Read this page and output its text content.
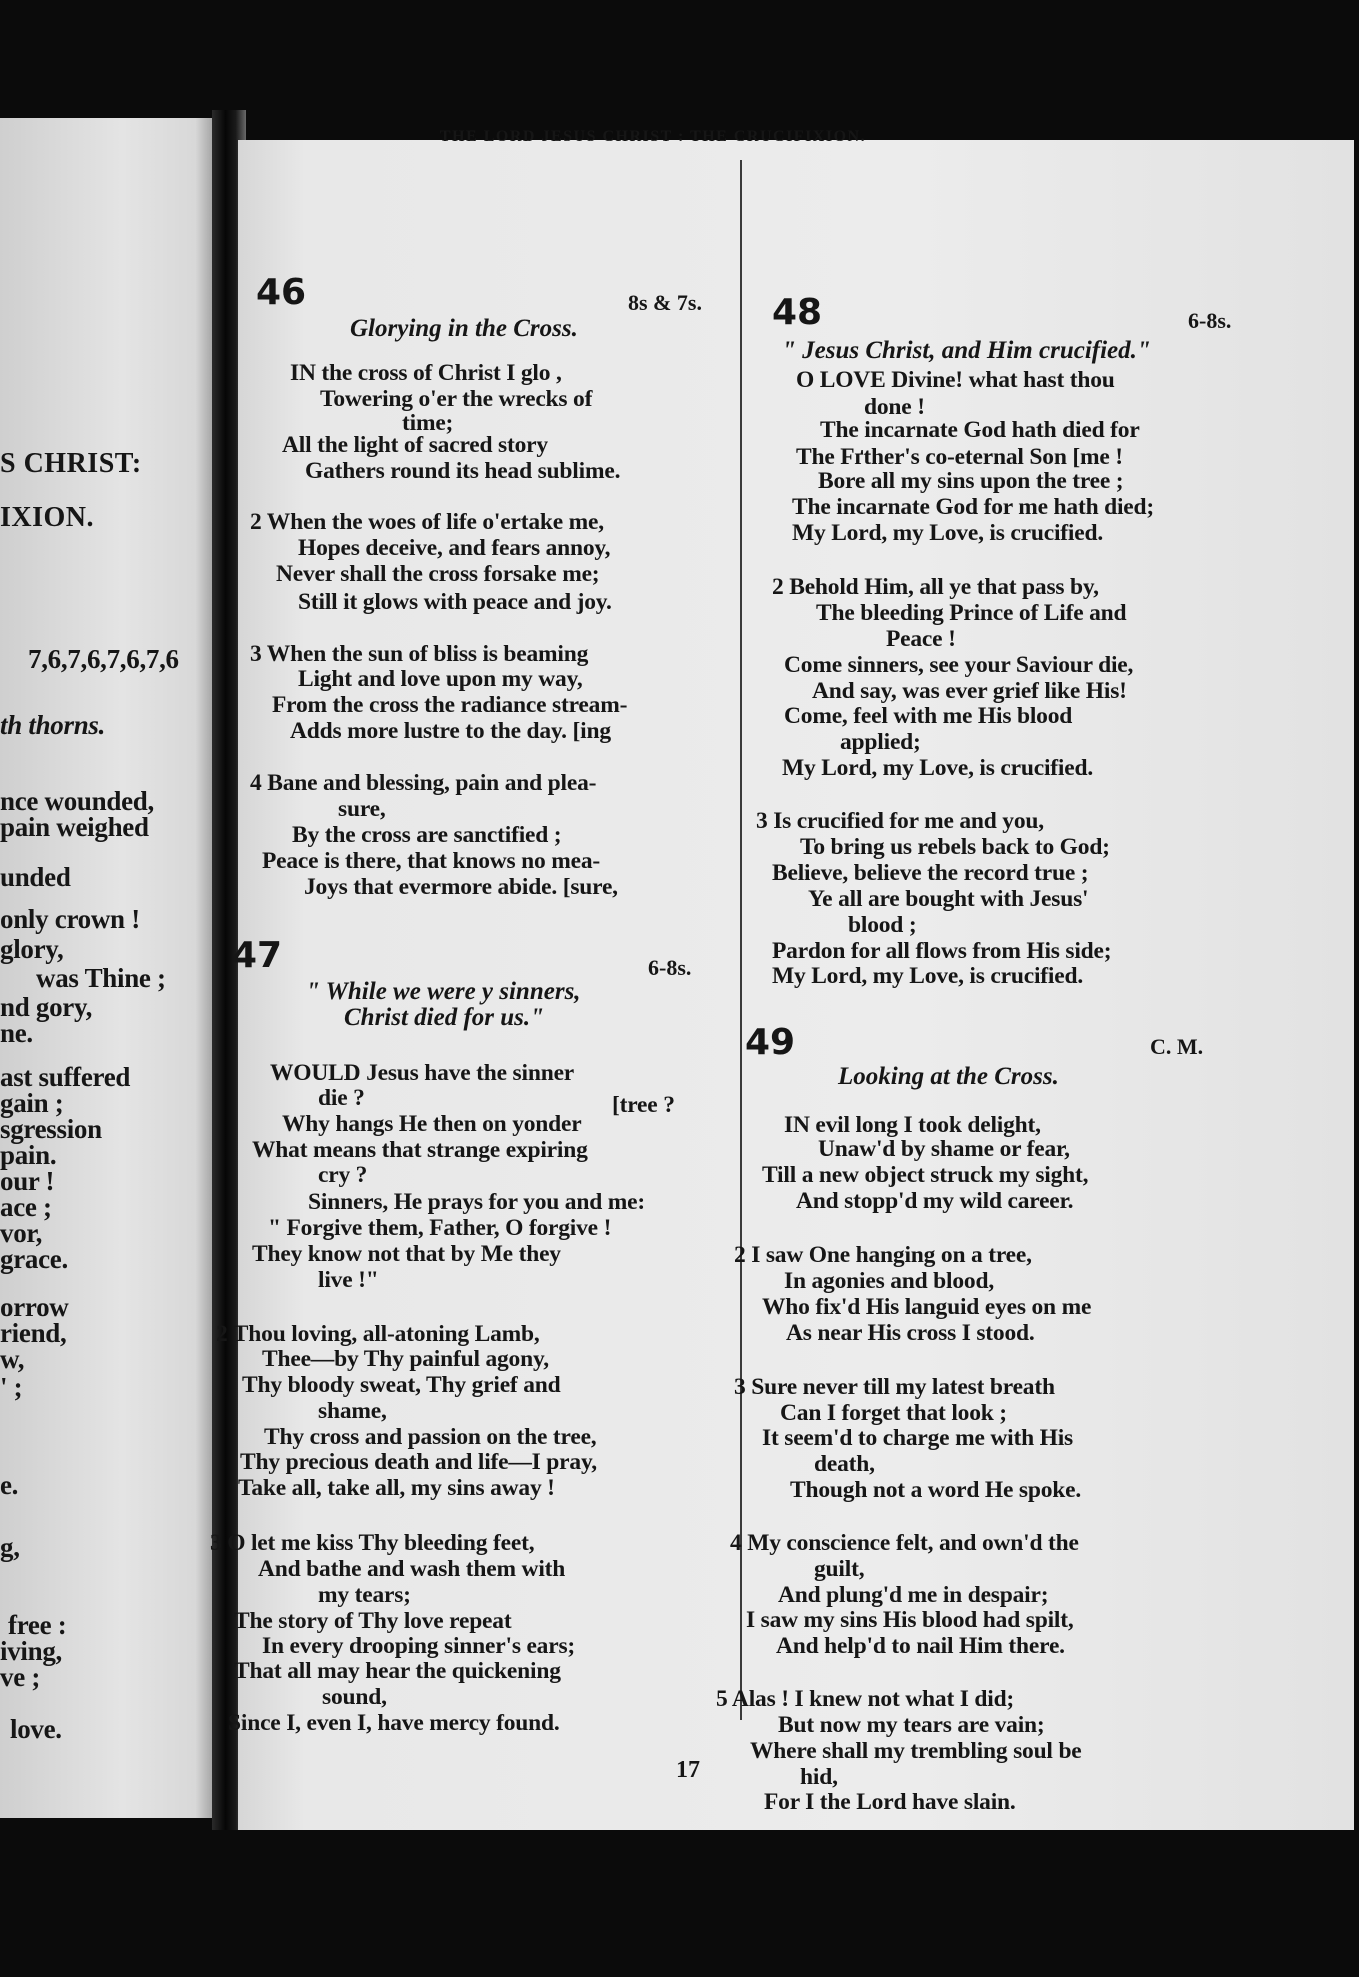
THE LORD JESUS CHRIST : THE CRUCIFIXION.
46	8s & 7s.
Glorying in the Cross.
47	6-8s.
" While we were y sinners,
Christ died for us."
48	6-8s.
" Jesus Christ, and Him crucified."
49	C. M.
Looking at the Cross.
IN the cross of Christ I glo ,
Towering o'er the wrecks of
time;
All the light of sacred story
Gathers round its head sublime.
2 When the woes of life o'ertake me,
Hopes deceive, and fears annoy,
Never shall the cross forsake me;
Still it glows with peace and joy.
3 When the sun of bliss is beaming
Light and love upon my way,
From the cross the radiance stream-
Adds more lustre to the day. [ing
4 Bane and blessing, pain and plea-
sure,
By the cross are sanctified ;
Peace is there, that knows no mea-
Joys that evermore abide. [sure,
WOULD Jesus have the sinner
die ?	[tree ?
Why hangs He then on yonder
What means that strange expiring
cry ?
Sinners, He prays for you and me:
" Forgive them, Father, O forgive !
They know not that by Me they
live !"
2 Thou loving, all-atoning Lamb,
Thee—by Thy painful agony,
Thy bloody sweat, Thy grief and
shame,
Thy cross and passion on the tree,
Thy precious death and life—I pray,
Take all, take all, my sins away !
3 O let me kiss Thy bleeding feet,
And bathe and wash them with
my tears;
The story of Thy love repeat
In every drooping sinner's ears;
That all may hear the quickening
sound,
Since I, even I, have mercy found.
O LOVE Divine! what hast thou
done !
The incarnate God hath died for
The Fґther's co-eternal Son [me !
Bore all my sins upon the tree ;
The incarnate God for me hath died;
My Lord, my Love, is crucified.
2 Behold Him, all ye that pass by,
The bleeding Prince of Life and
Peace !
Come sinners, see your Saviour die,
And say, was ever grief like His!
Come, feel with me His blood
applied;
My Lord, my Love, is crucified.
3 Is crucified for me and you,
To bring us rebels back to God;
Believe, believe the record true ;
Ye all are bought with Jesus'
blood ;
Pardon for all flows from His side;
My Lord, my Love, is crucified.
IN evil long I took delight,
Unaw'd by shame or fear,
Till a new object struck my sight,
And stopp'd my wild career.
2 I saw One hanging on a tree,
In agonies and blood,
Who fix'd His languid eyes on me
As near His cross I stood.
3 Sure never till my latest breath
Can I forget that look ;
It seem'd to charge me with His
death,
Though not a word He spoke.
4 My conscience felt, and own'd the
guilt,
And plung'd me in despair;
I saw my sins His blood had spilt,
And help'd to nail Him there.
5 Alas ! I knew not what I did;
But now my tears are vain;
Where shall my trembling soul be
hid,
For I the Lord have slain.
S CHRIST:
IXION.
7,6,7,6,7,6,7,6
th thorns.
nce wounded,
pain weighed
unded
only crown !
glory,
was Thine ;
nd gory,
ne.
ast suffered
gain ;
sgression
pain.
our !
ace ;
vor,
grace.
orrow
riend,
w,
' ;
e.
g,
free :
iving,
ve ;
love.
17
